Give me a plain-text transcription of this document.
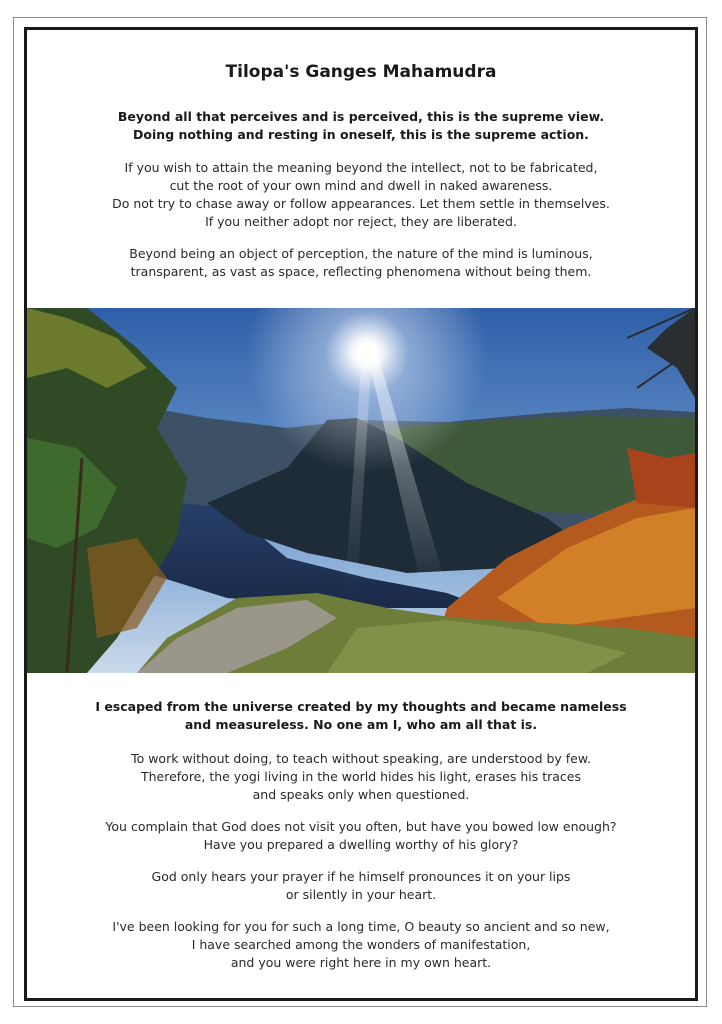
Tilopa's Ganges Mahamudra
Beyond all that perceives and is perceived, this is the supreme view.
Doing nothing and resting in oneself, this is the supreme action.
If you wish to attain the meaning beyond the intellect, not to be fabricated,
cut the root of your own mind and dwell in naked awareness.
Do not try to chase away or follow appearances. Let them settle in themselves.
If you neither adopt nor reject, they are liberated.
Beyond being an object of perception, the nature of the mind is luminous,
transparent, as vast as space, reflecting phenomena without being them.
I escaped from the universe created by my thoughts and became nameless
and measureless. No one am I, who am all that is.
To work without doing, to teach without speaking, are understood by few.
Therefore, the yogi living in the world hides his light, erases his traces
and speaks only when questioned.
You complain that God does not visit you often, but have you bowed low enough?
Have you prepared a dwelling worthy of his glory?
God only hears your prayer if he himself pronounces it on your lips
or silently in your heart.
I've been looking for you for such a long time, O beauty so ancient and so new,
I have searched among the wonders of manifestation,
and you were right here in my own heart.
